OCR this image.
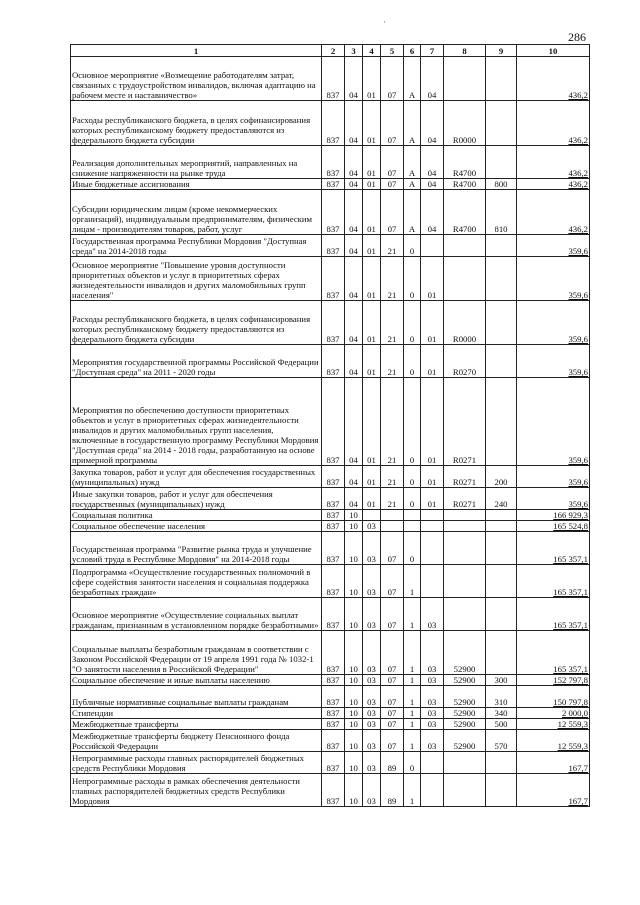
286
·
1	2	3	4	5	6	7	8	9	10
Основное мероприятие «Возмещение работодателям затрат, связанных с трудоустройством инвалидов, включая адаптацию на рабочем месте и наставничество»	837	04	01	07	А	04			436,2
Расходы республиканского бюджета, в целях софинансирования которых республиканскому бюджету предоставляются из федерального бюджета субсидии	837	04	01	07	А	04	R0000		436,2
Реализация дополнительных мероприятий, направленных на снижение напряженности на рынке труда	837	04	01	07	А	04	R4700		436,2
Иные бюджетные ассигнования	837	04	01	07	А	04	R4700	800	436,2
Субсидии юридическим лицам (кроме некоммерческих организаций), индивидуальным предпринимателям, физическим лицам - производителям товаров, работ, услуг	837	04	01	07	А	04	R4700	810	436,2
Государственная программа Республики Мордовия "Доступная среда" на 2014-2018 годы	837	04	01	21	0				359,6
Основное мероприятие "Повышение уровня доступности приоритетных объектов и услуг в приоритетных сферах жизнедеятельности инвалидов и других маломобильных групп населения"	837	04	01	21	0	01			359,6
Расходы республиканского бюджета, в целях софинансирования которых республиканскому бюджету предоставляются из федерального бюджета субсидии	837	04	01	21	0	01	R0000		359,6
Мероприятия государственной программы Российской Федерации "Доступная среда" на 2011 - 2020 годы	837	04	01	21	0	01	R0270		359,6
Мероприятия по обеспечению доступности приоритетных объектов и услуг в приоритетных сферах жизнедеятельности инвалидов и других маломобильных групп населения, включенные в государственную программу Республики Мордовия "Доступная среда" на 2014 - 2018 годы, разработанную на основе примерной программы	837	04	01	21	0	01	R0271		359,6
Закупка товаров, работ и услуг для обеспечения государственных (муниципальных) нужд	837	04	01	21	0	01	R0271	200	359,6
Иные закупки товаров, работ и услуг для обеспечения государственных (муниципальных) нужд	837	04	01	21	0	01	R0271	240	359,6
Социальная политика	837	10							166 929,3
Социальное обеспечение населения	837	10	03						165 524,8
Государственная программа "Развитие рынка труда и улучшение условий труда в Республике Мордовия" на 2014-2018 годы	837	10	03	07	0				165 357,1
Подпрограмма «Осуществление государственных полномочий в сфере содействия занятости населения и социальная поддержка безработных граждан»	837	10	03	07	1				165 357,1
Основное мероприятие «Осуществление социальных выплат гражданам, признанным в установленном порядке безработными»	837	10	03	07	1	03			165 357,1
Социальные выплаты безработным гражданам в соответствии с Законом Российской Федерации от 19 апреля 1991 года № 1032-1 "О занятости населения в Российской Федерации"	837	10	03	07	1	03	52900		165 357,1
Социальное обеспечение и иные выплаты населению	837	10	03	07	1	03	52900	300	152 797,8
Публичные нормативные социальные выплаты гражданам	837	10	03	07	1	03	52900	310	150 797,8
Стипендии	837	10	03	07	1	03	52900	340	2 000,0
Межбюджетные трансферты	837	10	03	07	1	03	52900	500	12 559,3
Межбюджетные трансферты бюджету Пенсионного фонда Российской Федерации	837	10	03	07	1	03	52900	570	12 559,3
Непрограммные расходы главных распорядителей бюджетных средств Республики Мордовия	837	10	03	89	0				167,7
Непрограммные расходы в рамках обеспечения деятельности главных распорядителей бюджетных средств Республики Мордовия	837	10	03	89	1				167,7
